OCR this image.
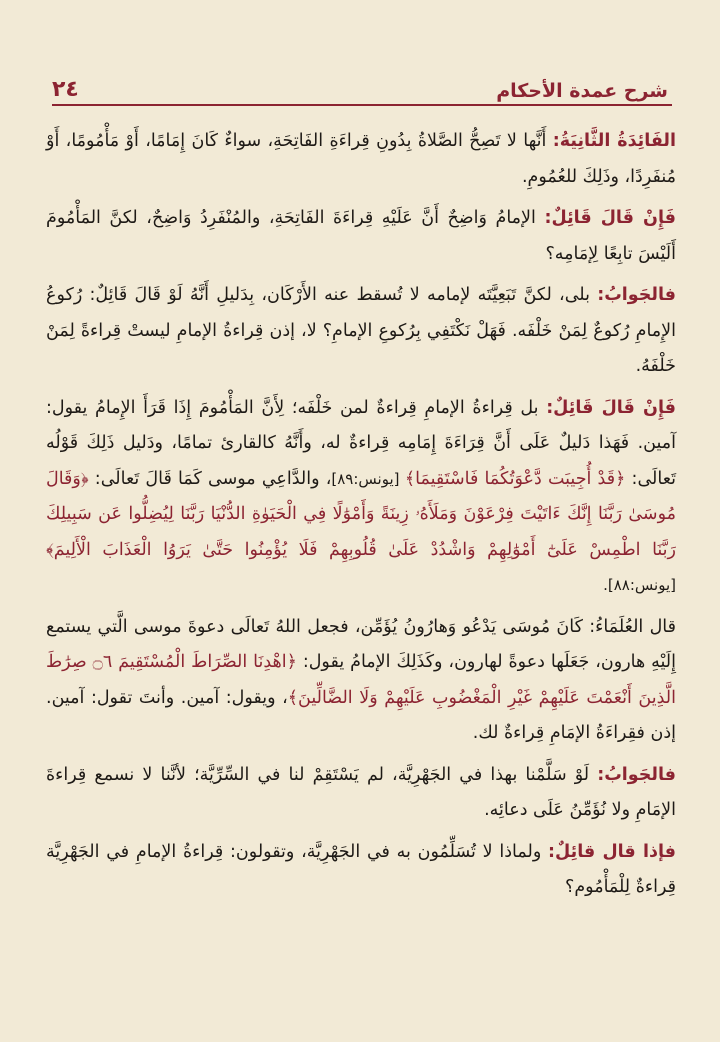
٢٤	شرح عمدة الأحكام

الفَائِدَةُ الثَّانِيَةُ: أَنَّها لا تَصِحُّ الصَّلاةُ بِدُونِ قِراءَةِ الفَاتِحَةِ، سواءٌ كَانَ إِمَامًا، أَوْ مَأْمُومًا، أَوْ مُنفَرِدًا، وذَلِكَ للعُمُومِ.

فَإِنْ قَالَ قَائِلٌ: الإمامُ وَاضِحٌ أَنَّ عَلَيْهِ قِراءَةَ الفَاتِحَةِ، والمُنْفَرِدُ وَاضِحٌ، لكنَّ المَأْمُومَ أَلَيْسَ تابِعًا لِإمَامِه؟

فالجَوابُ: بلى، لكنَّ تَبَعِيَّتَه لإمامه لا تُسقط عنه الأَرْكَان، بِدَليلِ أَنَّهُ لَوْ قَالَ قَائِلٌ: رُكوعُ الإِمامِ رُكوعٌ لِمَنْ خَلْفَه. فَهَلْ نَكْتَفِي بِرُكوعِ الإمامِ؟ لا، إذن قِراءةُ الإمامِ ليستْ قِراءةً لِمَنْ خَلْفَهُ.

فَإِنْ قَالَ قَائِلٌ: بل قِراءةُ الإمامِ قِراءةٌ لمن خَلْفَه؛ لِأَنَّ المَأْمُومَ إِذَا قَرَأَ الإِمامُ يقول: آمين. فَهَذا دَليلٌ عَلَى أَنَّ قِرَاءَةَ إِمَامِه قِراءةٌ له، وأَنَّهُ كالقارئ تمامًا، ودَليل ذَلِكَ قَوْلُه تَعالَى: ﴿قَدْ أُجِيبَت دَّعْوَتُكُمَا فَاسْتَقِيمَا﴾ [يونس:٨٩]، والدَّاعِي موسى كَمَا قَالَ تَعالَى: ﴿وَقَالَ مُوسَىٰ رَبَّنَا إِنَّكَ ءَاتَيْتَ فِرْعَوْنَ وَمَلَأَهُۥ زِينَةً وَأَمْوَٰلًا فِي الْحَيَوٰةِ الدُّنْيَا رَبَّنَا لِيُضِلُّوا عَن سَبِيلِكَ رَبَّنَا اطْمِسْ عَلَىٰٓ أَمْوَٰلِهِمْ وَاشْدُدْ عَلَىٰ قُلُوبِهِمْ فَلَا يُؤْمِنُوا حَتَّىٰ يَرَوُا الْعَذَابَ الْأَلِيمَ﴾ [يونس:٨٨].

قال العُلَمَاءُ: كَانَ مُوسَى يَدْعُو وَهارُونُ يُؤَمِّن، فجعل اللهُ تَعالَى دعوةَ موسى الَّتي يستمع إِلَيْهِ هارون، جَعَلَها دعوةً لهارون، وكَذَلِكَ الإمامُ يقول: ﴿اهْدِنَا الصِّرَاطَ الْمُسْتَقِيمَ ۝٦ صِرَٰطَ الَّذِينَ أَنْعَمْتَ عَلَيْهِمْ غَيْرِ الْمَغْضُوبِ عَلَيْهِمْ وَلَا الضَّالِّينَ﴾، ويقول: آمين. وأنتَ تقول: آمين. إذن فقِراءَةُ الإمَامِ قِراءةٌ لك.

فالجَوابُ: لَوْ سَلَّمْنا بهذا في الجَهْرِيَّة، لم يَسْتَقِمْ لنا في السِّرِّيَّة؛ لأنَّنا لا نسمع قِراءةَ الإمَامِ ولا نُؤَمِّنُ عَلَى دعائِه.

فإذا قال قائِلٌ: ولماذا لا تُسَلِّمُون به في الجَهْرِيَّة، وتقولون: قِراءةُ الإمامِ في الجَهْرِيَّة قِراءةٌ لِلْمَأْمُوم؟
